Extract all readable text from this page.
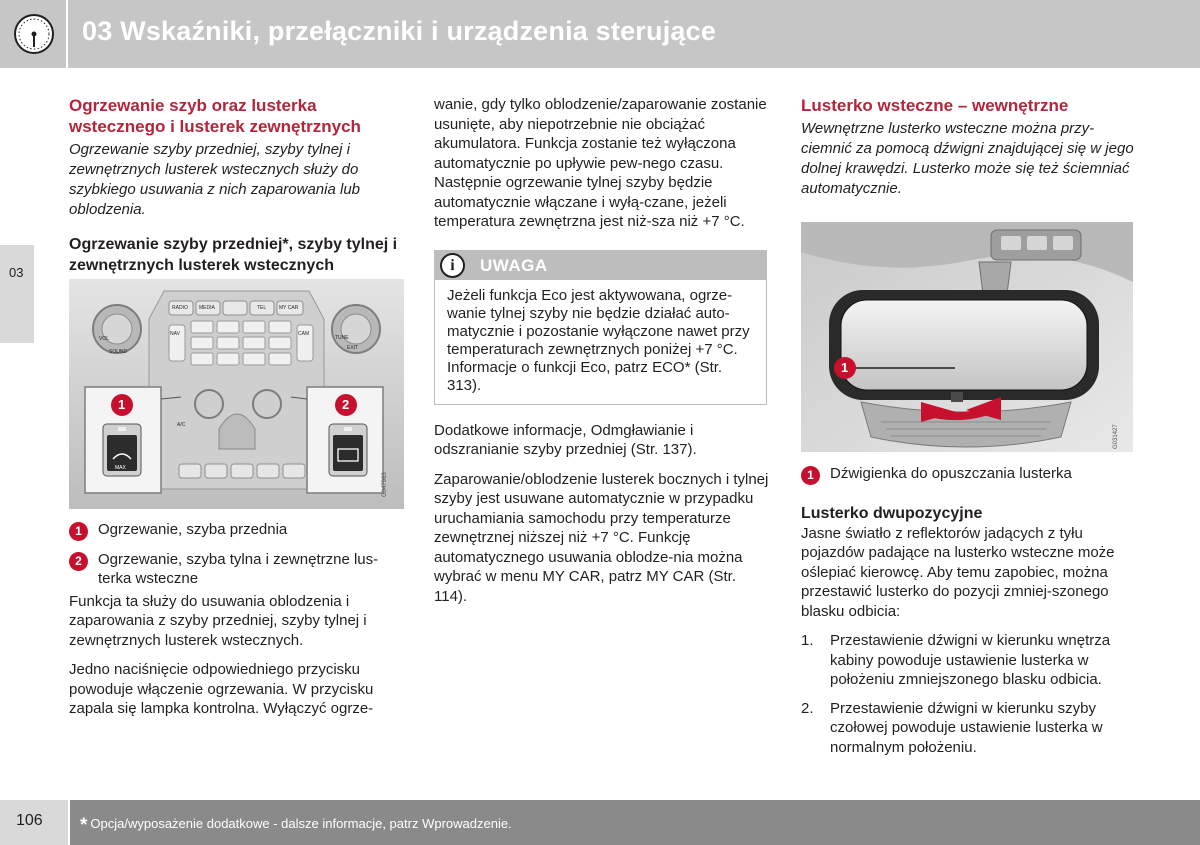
03 Wskaźniki, przełączniki i urządzenia sterujące
03
Ogrzewanie szyb oraz lusterka wstecznego i lusterek zewnętrznych
Ogrzewanie szyby przedniej, szyby tylnej i zewnętrznych lusterek wstecznych służy do szybkiego usuwania z nich zaparowania lub oblodzenia.
Ogrzewanie szyby przedniej*, szyby tylnej i zewnętrznych lusterek wstecznych
RADIO MEDIA	TEL	MY CAR
NAV	CAM
VOL
SOUND
EXIT
TUNE
A/C
MAX
1	2
G047983
1	Ogrzewanie, szyba przednia
2	Ogrzewanie, szyba tylna i zewnętrzne lus-terka wsteczne
Funkcja ta służy do usuwania oblodzenia i zaparowania z szyby przedniej, szyby tylnej i zewnętrznych lusterek wstecznych.
Jedno naciśnięcie odpowiedniego przycisku powoduje włączenie ogrzewania. W przycisku zapala się lampka kontrolna. Wyłączyć ogrze-
wanie, gdy tylko oblodzenie/zaparowanie zostanie usunięte, aby niepotrzebnie nie obciążać akumulatora. Funkcja zostanie też wyłączona automatycznie po upływie pew-nego czasu. Następnie ogrzewanie tylnej szyby będzie automatycznie włączane i wyłą-czane, jeżeli temperatura zewnętrzna jest niż-sza niż +7 °C.
i	UWAGA
Jeżeli funkcja Eco jest aktywowana, ogrze-wanie tylnej szyby nie będzie działać auto-matycznie i pozostanie wyłączone nawet przy temperaturach zewnętrznych poniżej +7 °C. Informacje o funkcji Eco, patrz ECO* (Str. 313).
Dodatkowe informacje, Odmgławianie i odszranianie szyby przedniej (Str. 137).
Zaparowanie/oblodzenie lusterek bocznych i tylnej szyby jest usuwane automatycznie w przypadku uruchamiania samochodu przy temperaturze zewnętrznej niższej niż +7 °C. Funkcję automatycznego usuwania oblodze-nia można wybrać w menu MY CAR, patrz MY CAR (Str. 114).
Lusterko wsteczne – wewnętrzne
Wewnętrzne lusterko wsteczne można przy-ciemnić za pomocą dźwigni znajdującej się w jego dolnej krawędzi. Lusterko może się też ściemniać automatycznie.
1
G031427
1	Dźwigienka do opuszczania lusterka
Lusterko dwupozycyjne
Jasne światło z reflektorów jadących z tyłu pojazdów padające na lusterko wsteczne może oślepiać kierowcę. Aby temu zapobiec, można przestawić lusterko do pozycji zmniej-szonego blasku odbicia:
1. Przestawienie dźwigni w kierunku wnętrza kabiny powoduje ustawienie lusterka w położeniu zmniejszonego blasku odbicia.
2. Przestawienie dźwigni w kierunku szyby czołowej powoduje ustawienie lusterka w normalnym położeniu.
106 * Opcja/wyposażenie dodatkowe - dalsze informacje, patrz Wprowadzenie.
